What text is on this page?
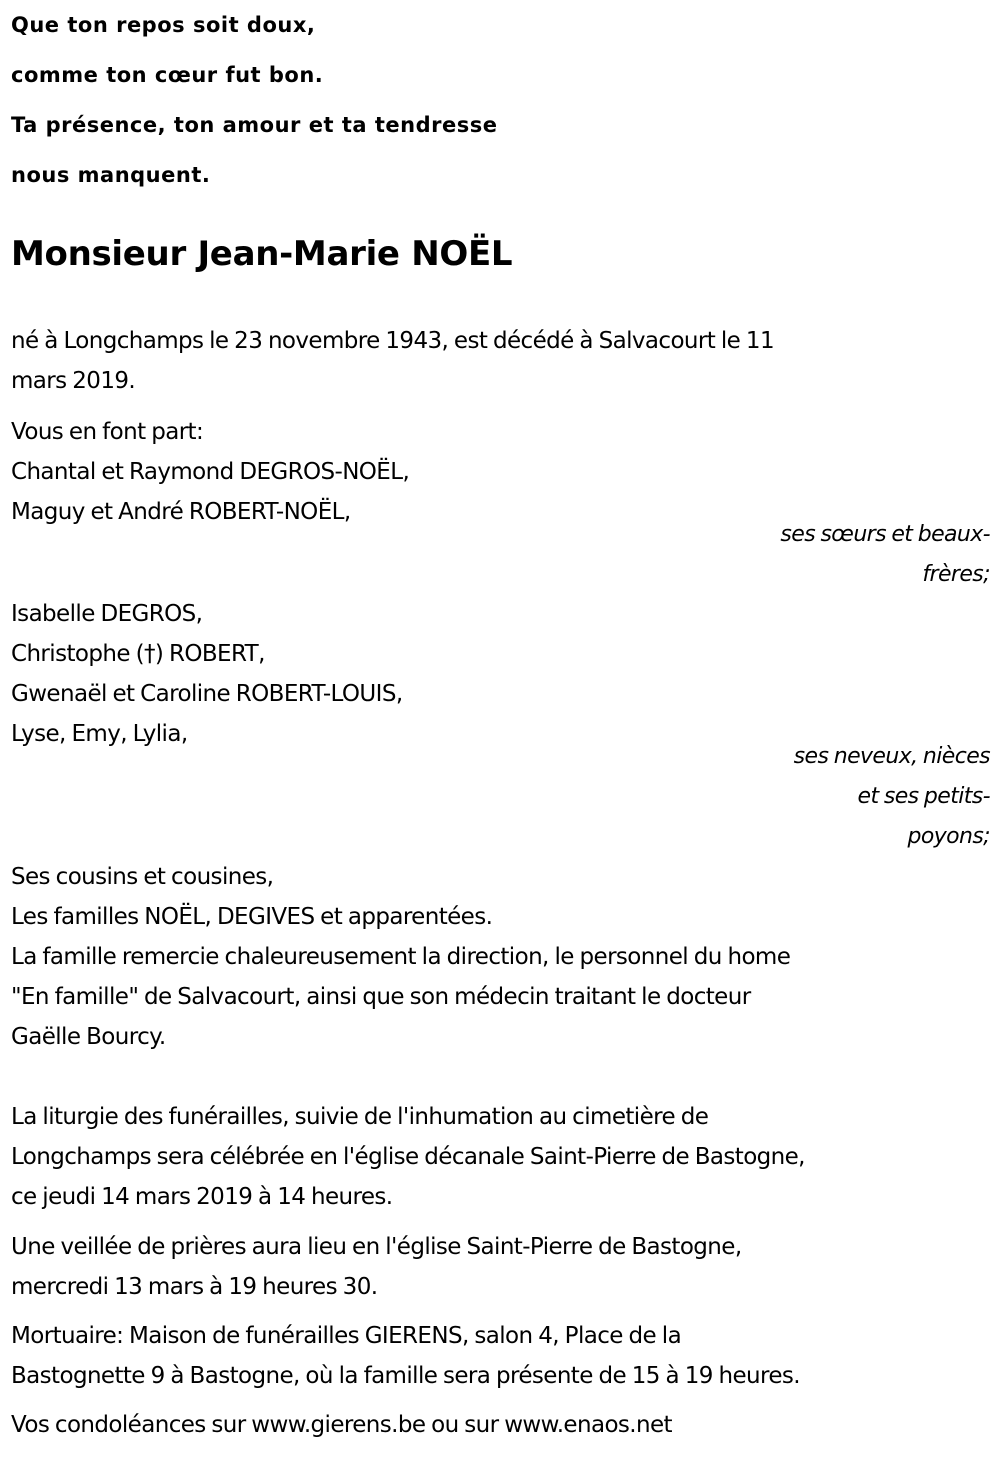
Que ton repos soit doux,
comme ton cœur fut bon.
Ta présence, ton amour et ta tendresse
nous manquent.
Monsieur Jean-Marie NOËL
né à Longchamps le 23 novembre 1943, est décédé à Salvacourt le 11
mars 2019.
Vous en font part:
Chantal et Raymond DEGROS-NOËL,
Maguy et André ROBERT-NOËL,
ses sœurs et beaux-
frères;
Isabelle DEGROS,
Christophe (†) ROBERT,
Gwenaël et Caroline ROBERT-LOUIS,
Lyse, Emy, Lylia,
ses neveux, nièces
et ses petits-
poyons;
Ses cousins et cousines,
Les familles NOËL, DEGIVES et apparentées.
La famille remercie chaleureusement la direction, le personnel du home
"En famille" de Salvacourt, ainsi que son médecin traitant le docteur
Gaëlle Bourcy.
La liturgie des funérailles, suivie de l'inhumation au cimetière de
Longchamps sera célébrée en l'église décanale Saint-Pierre de Bastogne,
ce jeudi 14 mars 2019 à 14 heures.
Une veillée de prières aura lieu en l'église Saint-Pierre de Bastogne,
mercredi 13 mars à 19 heures 30.
Mortuaire: Maison de funérailles GIERENS, salon 4, Place de la
Bastognette 9 à Bastogne, où la famille sera présente de 15 à 19 heures.
Vos condoléances sur www.gierens.be ou sur www.enaos.net
